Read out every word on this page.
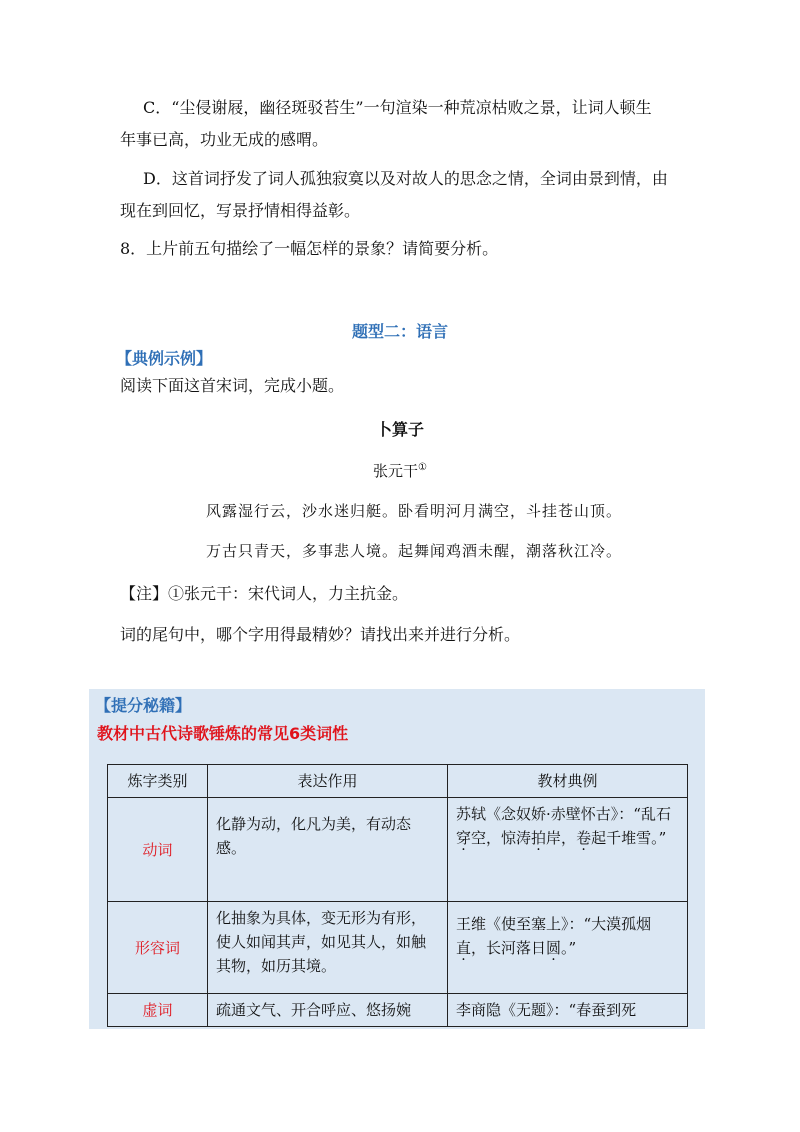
C．“尘侵谢屐，幽径斑驳苔生”一句渲染一种荒凉枯败之景，让词人顿生
年事已高，功业无成的感喟。
D．这首词抒发了词人孤独寂寞以及对故人的思念之情，全词由景到情，由
现在到回忆，写景抒情相得益彰。
8．上片前五句描绘了一幅怎样的景象？请简要分析。
题型二：语言
【典例示例】
阅读下面这首宋词，完成小题。
卜算子
张元干①
风露湿行云，沙水迷归艇。卧看明河月满空，斗挂苍山顶。
万古只青天，多事悲人境。起舞闻鸡酒未醒，潮落秋江冷。
【注】①张元干：宋代词人，力主抗金。
词的尾句中，哪个字用得最精妙？请找出来并进行分析。
【提分秘籍】
教材中古代诗歌锤炼的常见6类词性
炼字类别	表达作用	教材典例
动词	化静为动，化凡为美，有动态感。	苏轼《念奴娇·赤壁怀古》：“乱石穿空，惊涛拍岸，卷起千堆雪。”
形容词	化抽象为具体，变无形为有形，使人如闻其声，如见其人，如触其物，如历其境。	王维《使至塞上》：“大漠孤烟直，长河落日圆。”
虚词	疏通文气、开合呼应、悠扬婉	李商隐《无题》：“春蚕到死
